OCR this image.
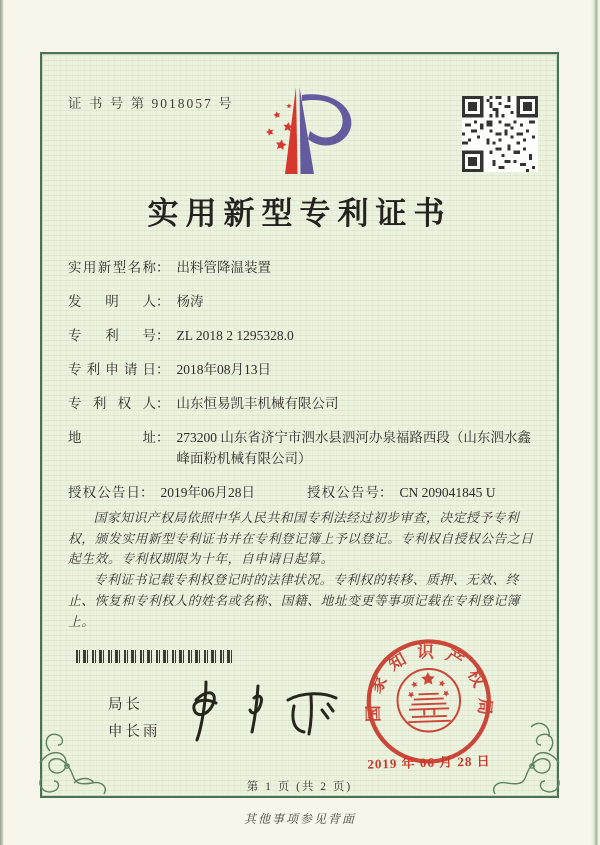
证 书 号 第 9018057 号
实用新型专利证书
实用新型名称： 出料管降温装置
发明人： 杨涛
专利号： ZL 2018 2 1295328.0
专利申请日： 2018年08月13日
专利权人： 山东恒易凯丰机械有限公司
地址： 273200 山东省济宁市泗水县泗河办泉福路西段（山东泗水鑫峰面粉机械有限公司）
授权公告日： 2019年06月28日	授权公告号： CN 209041845 U

国家知识产权局依照中华人民共和国专利法经过初步审查，决定授予专利权，颁发实用新型专利证书并在专利登记簿上予以登记。专利权自授权公告之日起生效。专利权期限为十年，自申请日起算。

专利证书记载专利权登记时的法律状况。专利权的转移、质押、无效、终止、恢复和专利权人的姓名或名称、国籍、地址变更等事项记载在专利登记簿上。

局长
申长雨
国家知识产权局
2019 年 06 月 28 日
第 1 页 (共 2 页)
其他事项参见背面
